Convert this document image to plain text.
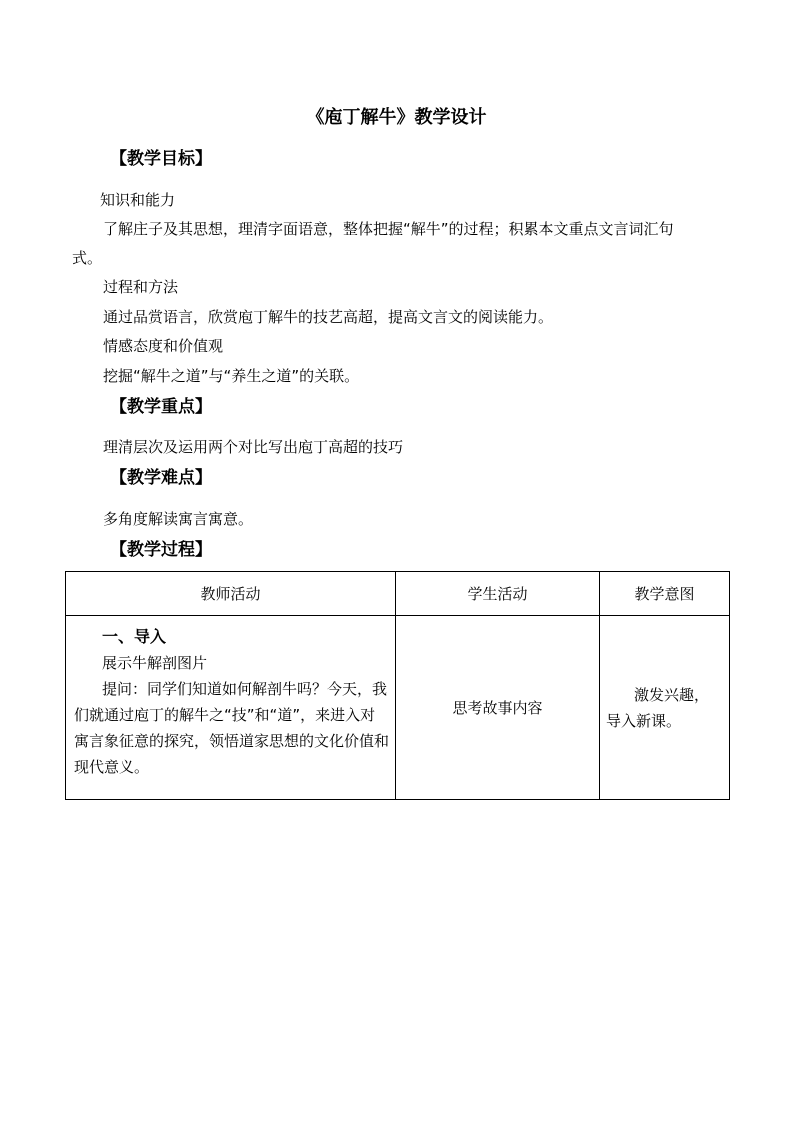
《庖丁解牛》教学设计
【教学目标】
知识和能力
了解庄子及其思想，理清字面语意，整体把握“解牛”的过程；积累本文重点文言词汇句
式。
过程和方法
通过品赏语言，欣赏庖丁解牛的技艺高超，提高文言文的阅读能力。
情感态度和价值观
挖掘“解牛之道”与“养生之道”的关联。
【教学重点】
理清层次及运用两个对比写出庖丁高超的技巧
【教学难点】
多角度解读寓言寓意。
【教学过程】
教师活动	学生活动	教学意图

一、导入
展示牛解剖图片
提问：同学们知道如何解剖牛吗？今天，我们就通过庖丁的解牛之“技”和“道”，来进入对寓言象征意的探究，领悟道家思想的文化价值和现代意义。	思考故事内容	激发兴趣，导入新课。
